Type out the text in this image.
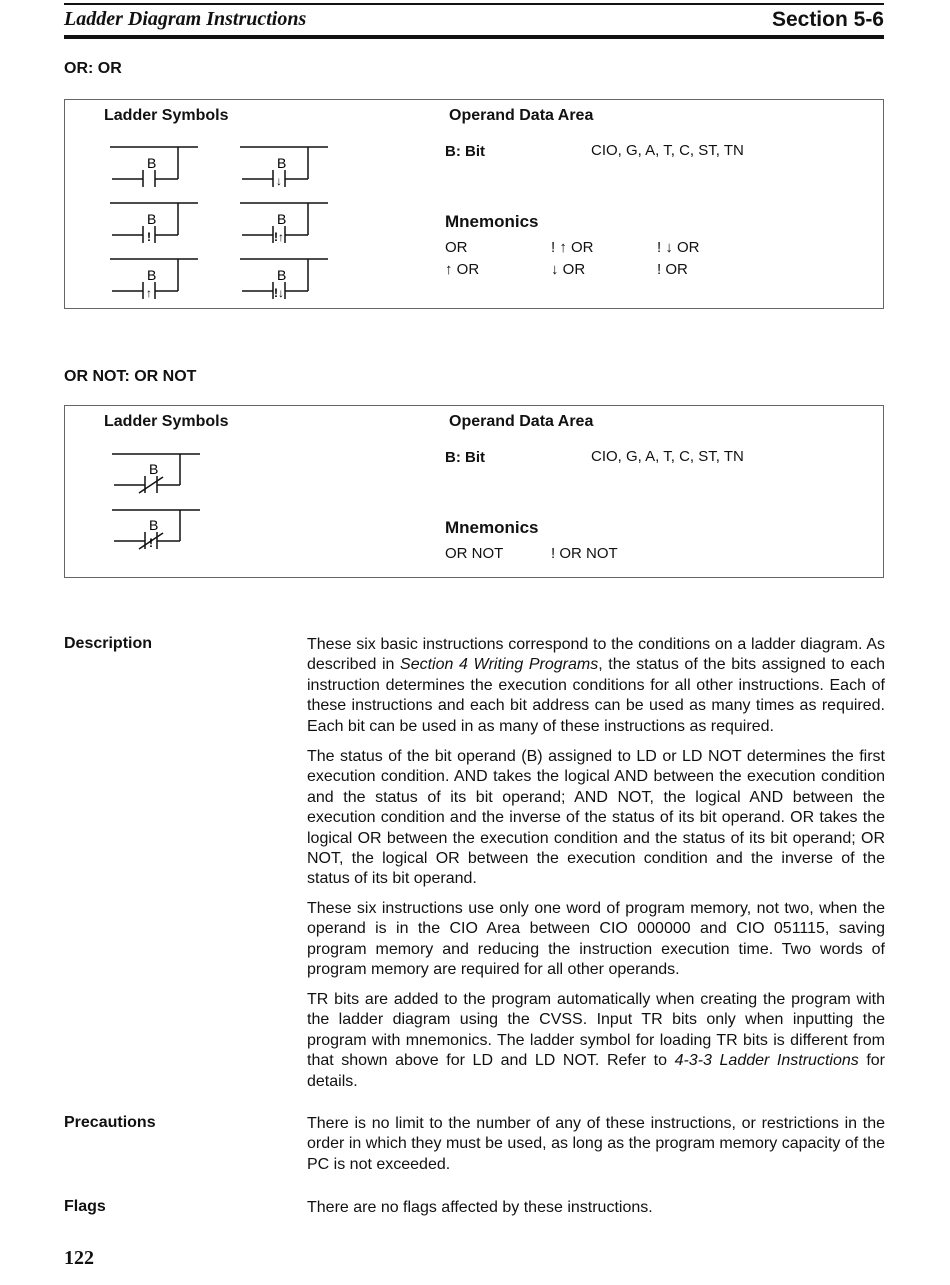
Ladder Diagram Instructions	Section 5-6
OR: OR
Ladder Symbols	Operand Data Area
B: Bit	CIO, G, A, T, C, ST, TN
Mnemonics
OR	! ↑ OR	! ↓ OR
↑ OR	↓ OR	! OR
B	B
↓
B
!
B
!↑
B
↑
B
!↓
OR NOT: OR NOT
Ladder Symbols	Operand Data Area
B: Bit	CIO, G, A, T, C, ST, TN
Mnemonics
OR NOT	! OR NOT
B
B
!
Description	These six basic instructions correspond to the conditions on a ladder diagram. As described in Section 4 Writing Programs, the status of the bits assigned to each instruction determines the execution conditions for all other instructions. Each of these instructions and each bit address can be used as many times as required. Each bit can be used in as many of these instructions as required.

The status of the bit operand (B) assigned to LD or LD NOT determines the first execution condition. AND takes the logical AND between the execution condition and the status of its bit operand; AND NOT, the logical AND between the execution condition and the inverse of the status of its bit operand. OR takes the logical OR between the execution condition and the status of its bit operand; OR NOT, the logical OR between the execution condition and the inverse of the status of its bit operand.

These six instructions use only one word of program memory, not two, when the operand is in the CIO Area between CIO 000000 and CIO 051115, saving program memory and reducing the instruction execution time. Two words of program memory are required for all other operands.

TR bits are added to the program automatically when creating the program with the ladder diagram using the CVSS. Input TR bits only when inputting the program with mnemonics. The ladder symbol for loading TR bits is different from that shown above for LD and LD NOT. Refer to 4-3-3 Ladder Instructions for details.

Precautions	There is no limit to the number of any of these instructions, or restrictions in the order in which they must be used, as long as the program memory capacity of the PC is not exceeded.

Flags	There are no flags affected by these instructions.

122
